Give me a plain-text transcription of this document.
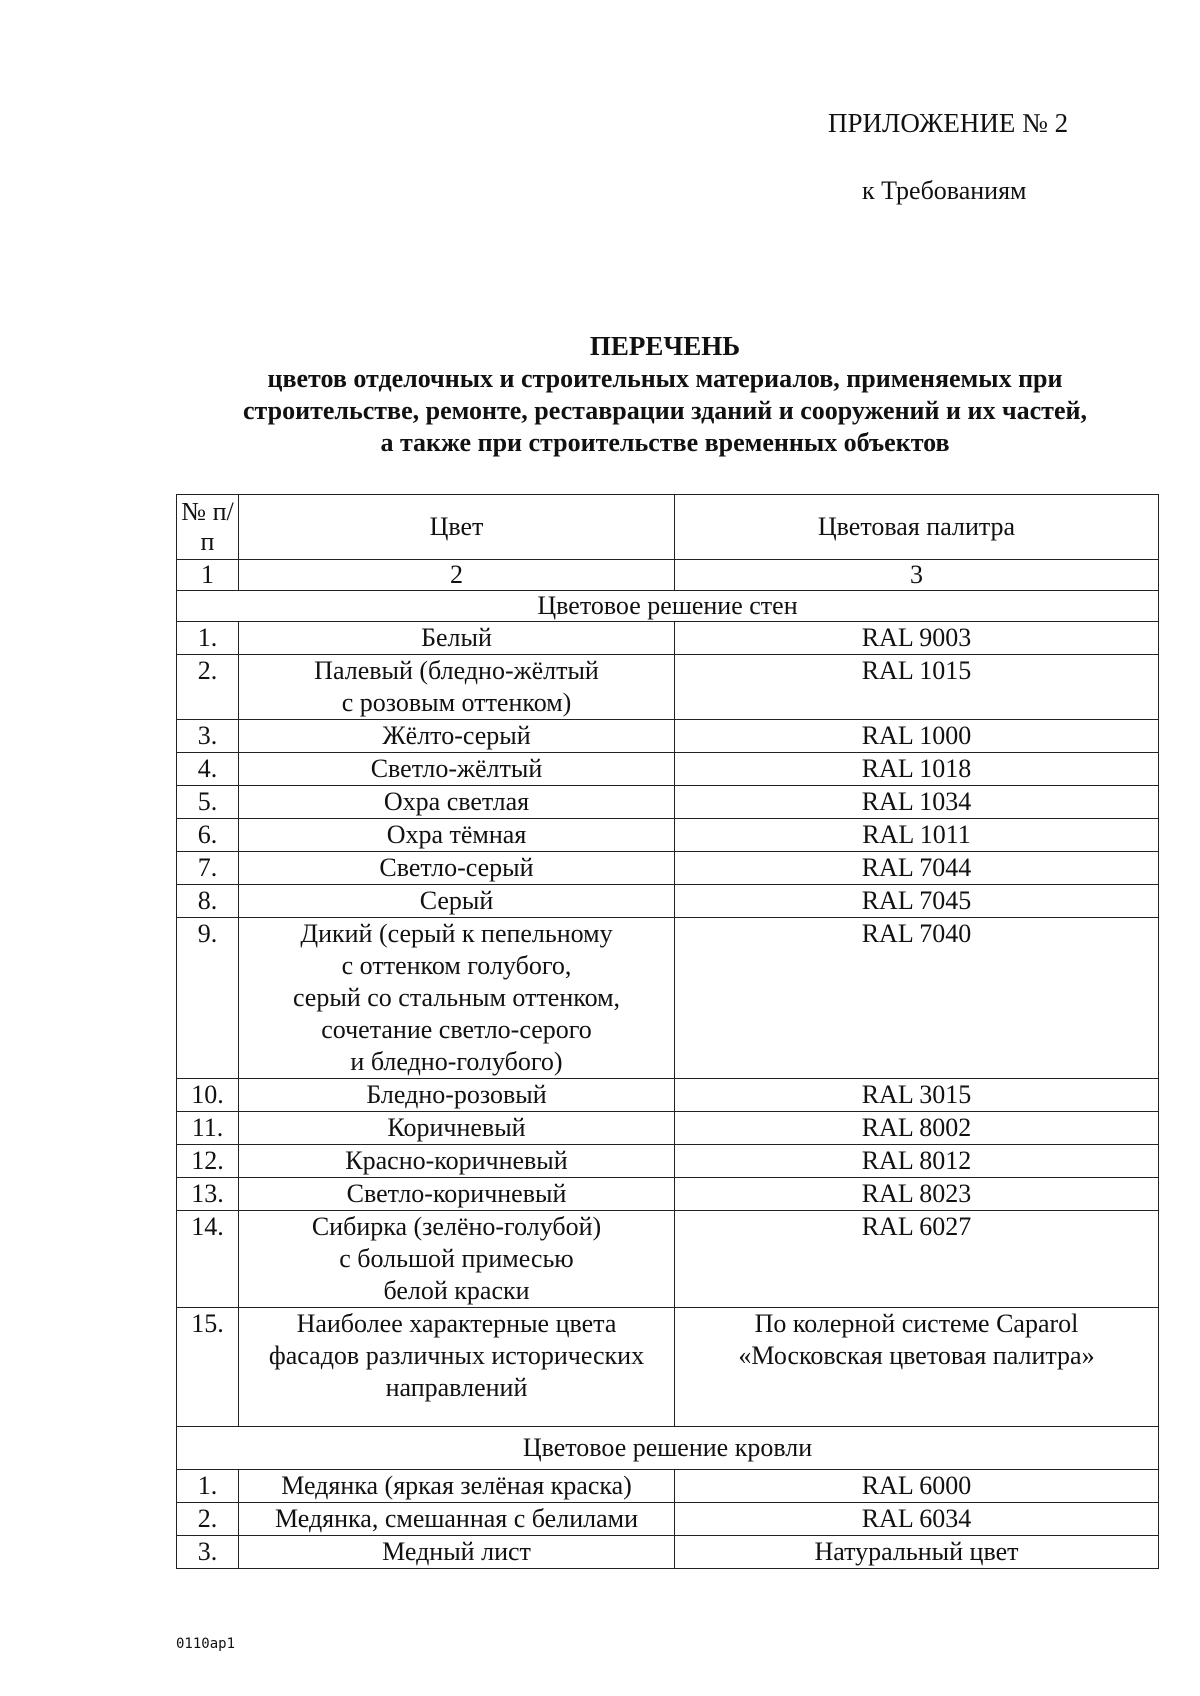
ПРИЛОЖЕНИЕ № 2
к Требованиям
ПЕРЕЧЕНЬ
цветов отделочных и строительных материалов, применяемых при
строительстве, ремонте, реставрации зданий и сооружений и их частей,
а также при строительстве временных объектов
№ п/п	Цвет	Цветовая палитра
1	2	3
Цветовое решение стен		

1.	Белый	RAL 9003

2.	Палевый (бледно-жёлтый
с розовым оттенком)	RAL 1015

3.	Жёлто-серый	RAL 1000

4.	Светло-жёлтый	RAL 1018

5.	Охра светлая	RAL 1034

6.	Охра тёмная	RAL 1011

7.	Светло-серый	RAL 7044

8.	Серый	RAL 7045

9.	Дикий (серый к пепельному
с оттенком голубого,
серый со стальным оттенком,
сочетание светло-серого
и бледно-голубого)	RAL 7040

10.	Бледно-розовый	RAL 3015

11.	Коричневый	RAL 8002

12.	Красно-коричневый	RAL 8012

13.	Светло-коричневый	RAL 8023

14.	Сибирка (зелёно-голубой)
с большой примесью
белой краски	RAL 6027

15.	Наиболее характерные цвета
фасадов различных исторических
направлений	По колерной системе Caparol
«Московская цветовая палитра»

Цветовое решение кровли		

1.	Медянка (яркая зелёная краска)	RAL 6000

2.	Медянка, смешанная с белилами	RAL 6034

3.	Медный лист	Натуральный цвет
0110ap1
